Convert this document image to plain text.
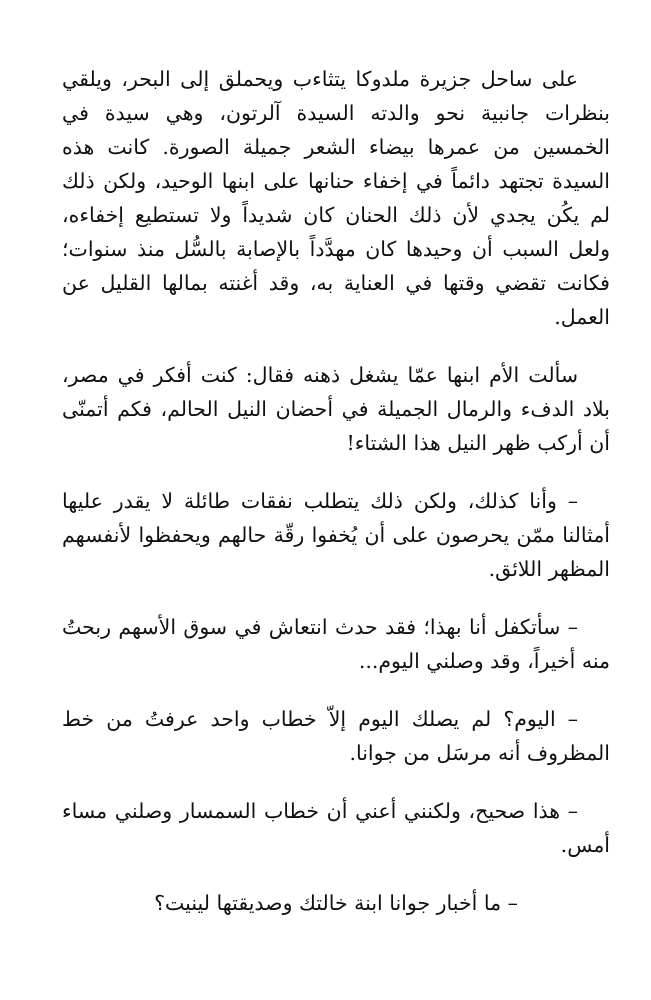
على ساحل جزيرة ملدوكا يتثاءب ويحملق إلى البحر، ويلقي بنظرات جانبية نحو والدته السيدة آلرتون، وهي سيدة في الخمسين من عمرها بيضاء الشعر جميلة الصورة. كانت هذه السيدة تجتهد دائماً في إخفاء حنانها على ابنها الوحيد، ولكن ذلك لم يكُن يجدي لأن ذلك الحنان كان شديداً ولا تستطيع إخفاءه، ولعل السبب أن وحيدها كان مهدَّداً بالإصابة بالسُّل منذ سنوات؛ فكانت تقضي وقتها في العناية به، وقد أغنته بمالها القليل عن العمل.

سألت الأم ابنها عمّا يشغل ذهنه فقال: كنت أفكر في مصر، بلاد الدفء والرمال الجميلة في أحضان النيل الحالم، فكم أتمنّى أن أركب ظهر النيل هذا الشتاء!

– وأنا كذلك، ولكن ذلك يتطلب نفقات طائلة لا يقدر عليها أمثالنا ممّن يحرصون على أن يُخفوا رقّة حالهم ويحفظوا لأنفسهم المظهر اللائق.

– سأتكفل أنا بهذا؛ فقد حدث انتعاش في سوق الأسهم ربحتُ منه أخيراً، وقد وصلني اليوم...

– اليوم؟ لم يصلك اليوم إلاّ خطاب واحد عرفتُ من خط المظروف أنه مرسَل من جوانا.

– هذا صحيح، ولكنني أعني أن خطاب السمسار وصلني مساء أمس.

– ما أخبار جوانا ابنة خالتك وصديقتها لينيت؟
